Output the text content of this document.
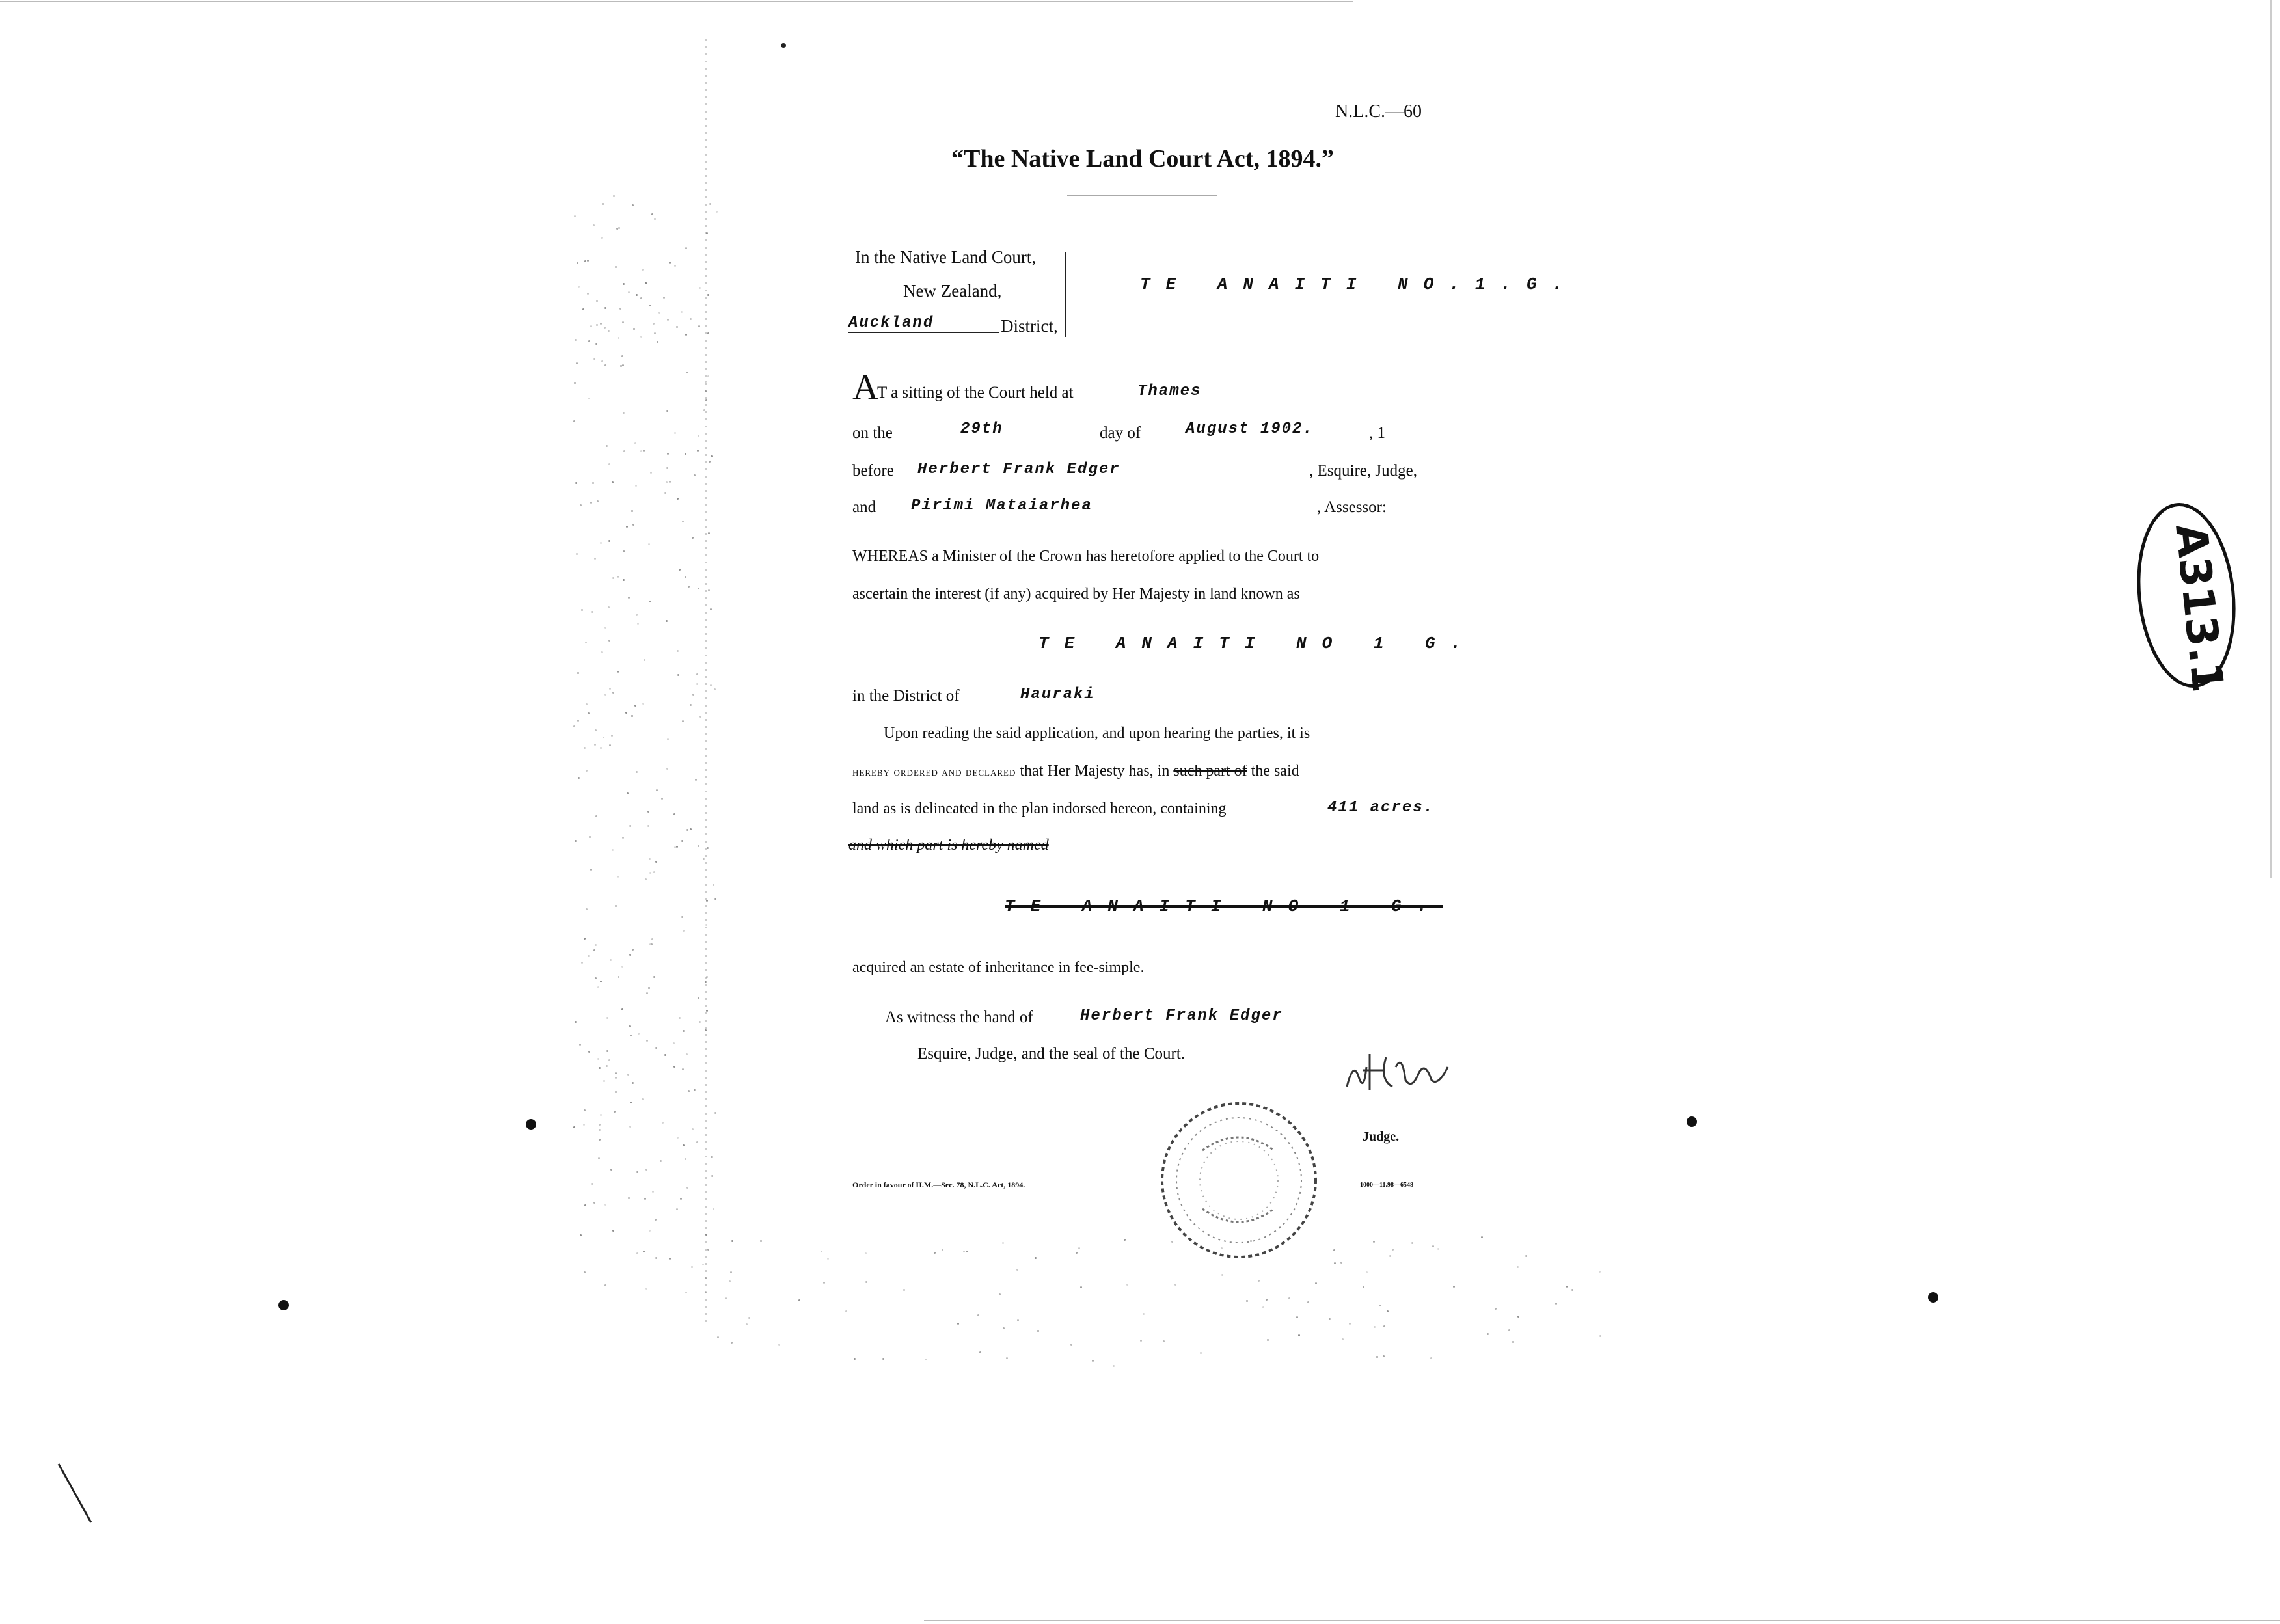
N.L.C.—60
“The Native Land Court Act, 1894.”
In the Native Land Court,
New Zealand,
Auckland	District,
TE ANAITI NO.1.G.
A
T a sitting of the Court held at	Thames
on the	29th	day of	August 1902.	, 1
before Herbert Frank Edger	, Esquire, Judge,
and Pirimi Mataiarhea	, Assessor:
WHEREAS a Minister of the Crown has heretofore applied to the Court to
ascertain the interest (if any) acquired by Her Majesty in land known as
TE ANAITI NO 1 G.
in the District of	Hauraki
Upon reading the said application, and upon hearing the parties, it is
hereby ordered and declared that Her Majesty has, in such part of the said
land as is delineated in the plan indorsed hereon, containing	411 acres.
and which part is hereby named
TE ANAITI NO 1 G.
acquired an estate of inheritance in fee-simple.
As witness the hand of	Herbert Frank Edger
Esquire, Judge, and the seal of the Court.
Judge.
Order in favour of H.M.—Sec. 78, N.L.C. Act, 1894.	1000—11.98—6548
A313.1
